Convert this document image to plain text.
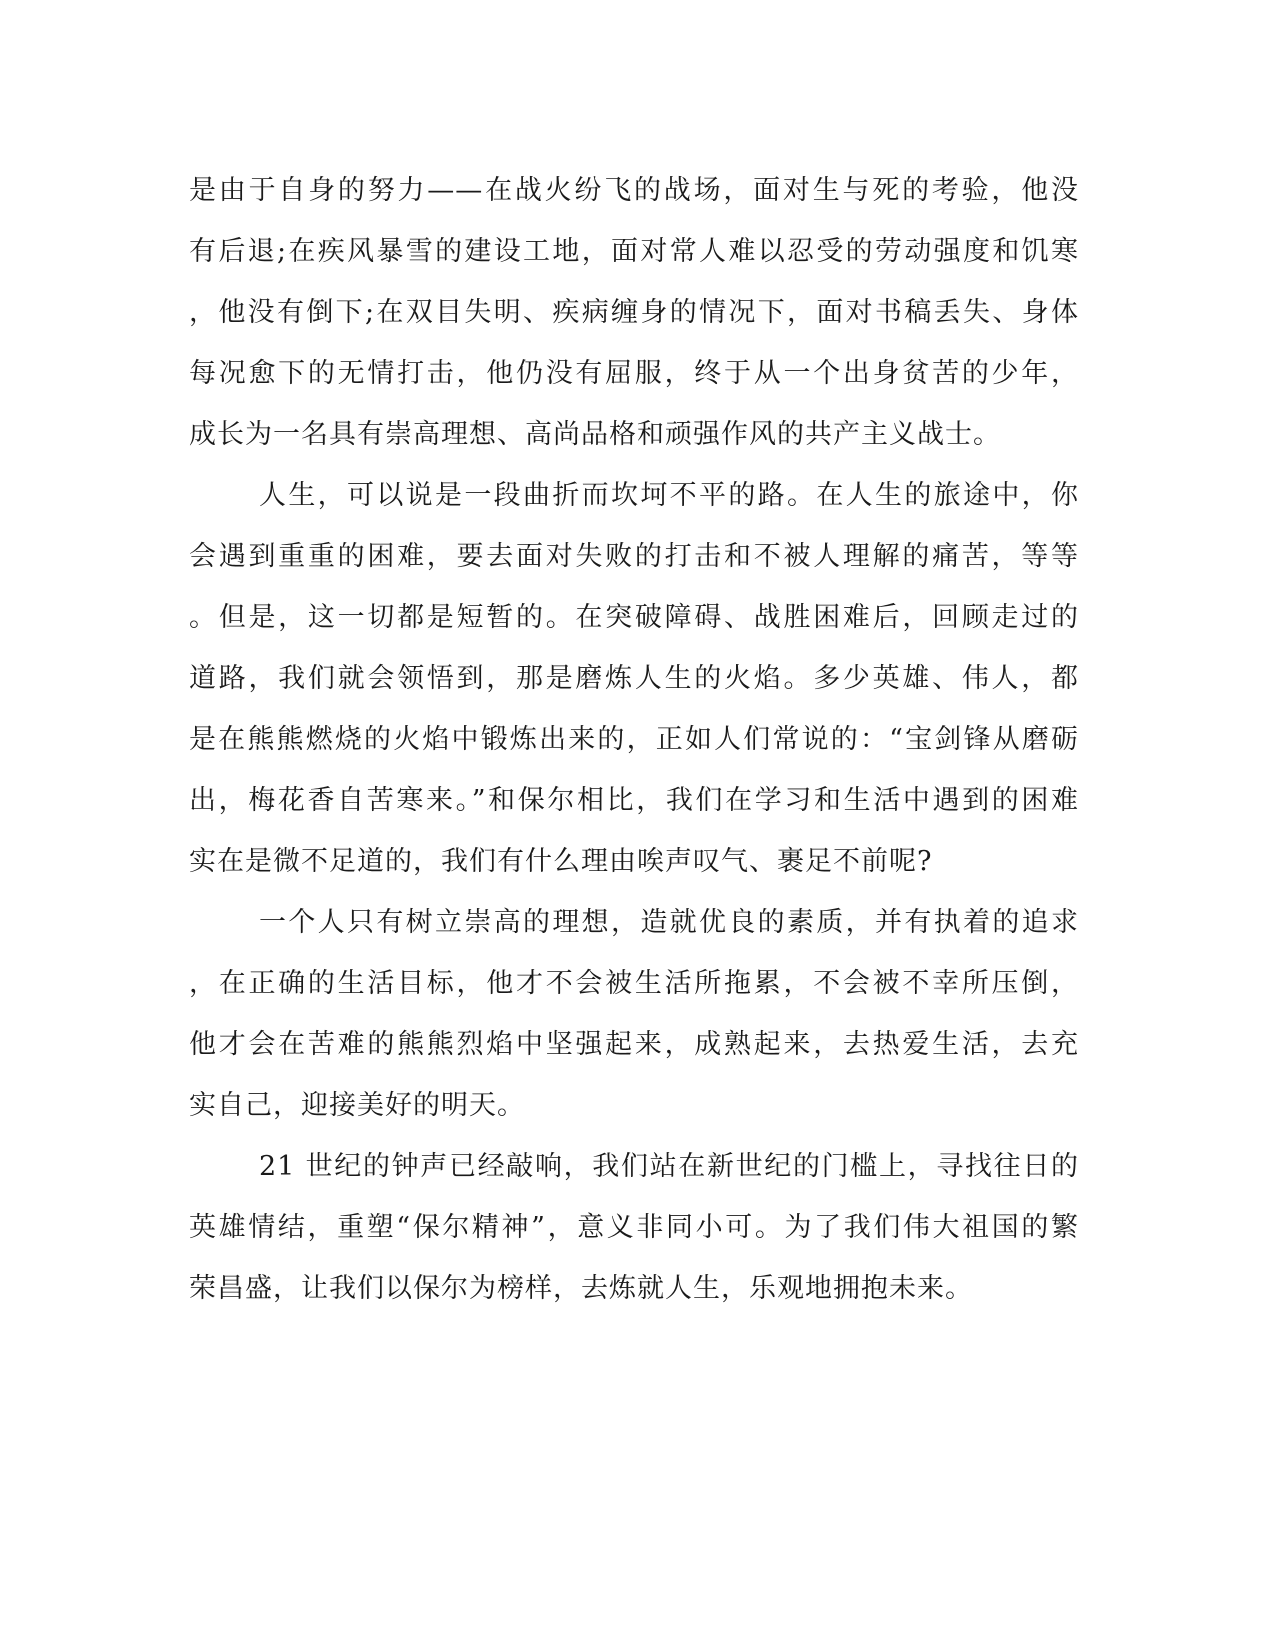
是由于自身的努力——在战火纷飞的战场，面对生与死的考验，他没
有后退;在疾风暴雪的建设工地，面对常人难以忍受的劳动强度和饥寒
，他没有倒下;在双目失明、疾病缠身的情况下，面对书稿丢失、身体
每况愈下的无情打击，他仍没有屈服，终于从一个出身贫苦的少年，
成长为一名具有崇高理想、高尚品格和顽强作风的共产主义战士。
人生，可以说是一段曲折而坎坷不平的路。在人生的旅途中，你
会遇到重重的困难，要去面对失败的打击和不被人理解的痛苦，等等
。但是，这一切都是短暂的。在突破障碍、战胜困难后，回顾走过的
道路，我们就会领悟到，那是磨炼人生的火焰。多少英雄、伟人，都
是在熊熊燃烧的火焰中锻炼出来的，正如人们常说的：“宝剑锋从磨砺
出，梅花香自苦寒来。”和保尔相比，我们在学习和生活中遇到的困难
实在是微不足道的，我们有什么理由唉声叹气、裹足不前呢?
一个人只有树立崇高的理想，造就优良的素质，并有执着的追求
，在正确的生活目标，他才不会被生活所拖累，不会被不幸所压倒，
他才会在苦难的熊熊烈焰中坚强起来，成熟起来，去热爱生活，去充
实自己，迎接美好的明天。
21 世纪的钟声已经敲响，我们站在新世纪的门槛上，寻找往日的
英雄情结，重塑“保尔精神”，意义非同小可。为了我们伟大祖国的繁
荣昌盛，让我们以保尔为榜样，去炼就人生，乐观地拥抱未来。
